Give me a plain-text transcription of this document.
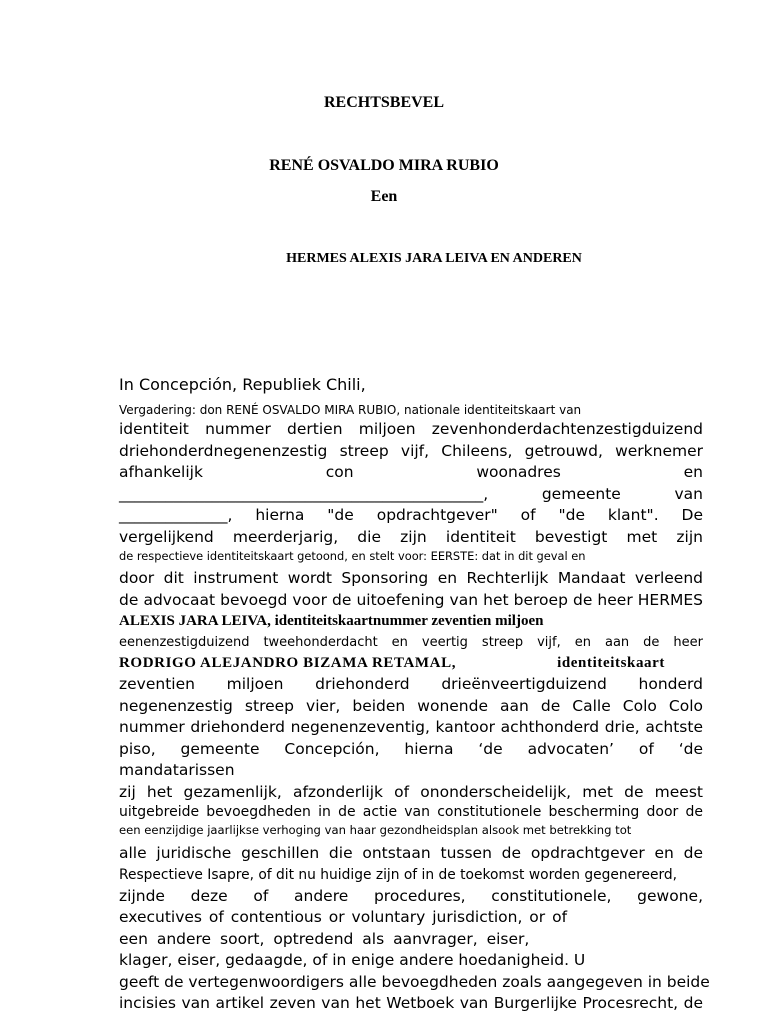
RECHTSBEVEL
RENÉ OSVALDO MIRA RUBIO
Een
HERMES ALEXIS JARA LEIVA EN ANDEREN
In Concepción, Republiek Chili,
Vergadering: don RENÉ OSVALDO MIRA RUBIO, nationale identiteitskaart van
identiteit nummer dertien miljoen zevenhonderdachtenzestigduizend
driehonderdnegenenzestig streep vijf, Chileens, getrouwd, werknemer
afhankelijk	con	woonadres	en
_______________________________________________, gemeente van
______________, hierna "de opdrachtgever" of "de klant". De
vergelijkend meerderjarig, die zijn identiteit bevestigt met zijn
de respectieve identiteitskaart getoond, en stelt voor: EERSTE: dat in dit geval en
door dit instrument wordt Sponsoring en Rechterlijk Mandaat verleend
de advocaat bevoegd voor de uitoefening van het beroep de heer HERMES
ALEXIS JARA LEIVA, identiteitskaartnummer zeventien miljoen
eenenzestigduizend tweehonderdacht en veertig streep vijf, en aan de heer
RODRIGO ALEJANDRO BIZAMA RETAMAL,	identiteitskaart
zeventien miljoen driehonderd drieënveertigduizend honderd
negenenzestig streep vier, beiden wonende aan de Calle Colo Colo
nummer driehonderd negenenzeventig, kantoor achthonderd drie, achtste
piso, gemeente Concepción, hierna ‘de advocaten’ of ‘de
mandatarissen
zij het gezamenlijk, afzonderlijk of ononderscheidelijk, met de meest
uitgebreide bevoegdheden in de actie van constitutionele bescherming door de
een eenzijdige jaarlijkse verhoging van haar gezondheidsplan alsook met betrekking tot
alle juridische geschillen die ontstaan tussen de opdrachtgever en de
Respectieve Isapre, of dit nu huidige zijn of in de toekomst worden gegenereerd,
zijnde deze of andere procedures, constitutionele, gewone,
executives of contentious or voluntary jurisdiction, or of
een andere soort, optredend als aanvrager, eiser,
klager, eiser, gedaagde, of in enige andere hoedanigheid. U
geeft de vertegenwoordigers alle bevoegdheden zoals aangegeven in beide
incisies van artikel zeven van het Wetboek van Burgerlijke Procesrecht, de
